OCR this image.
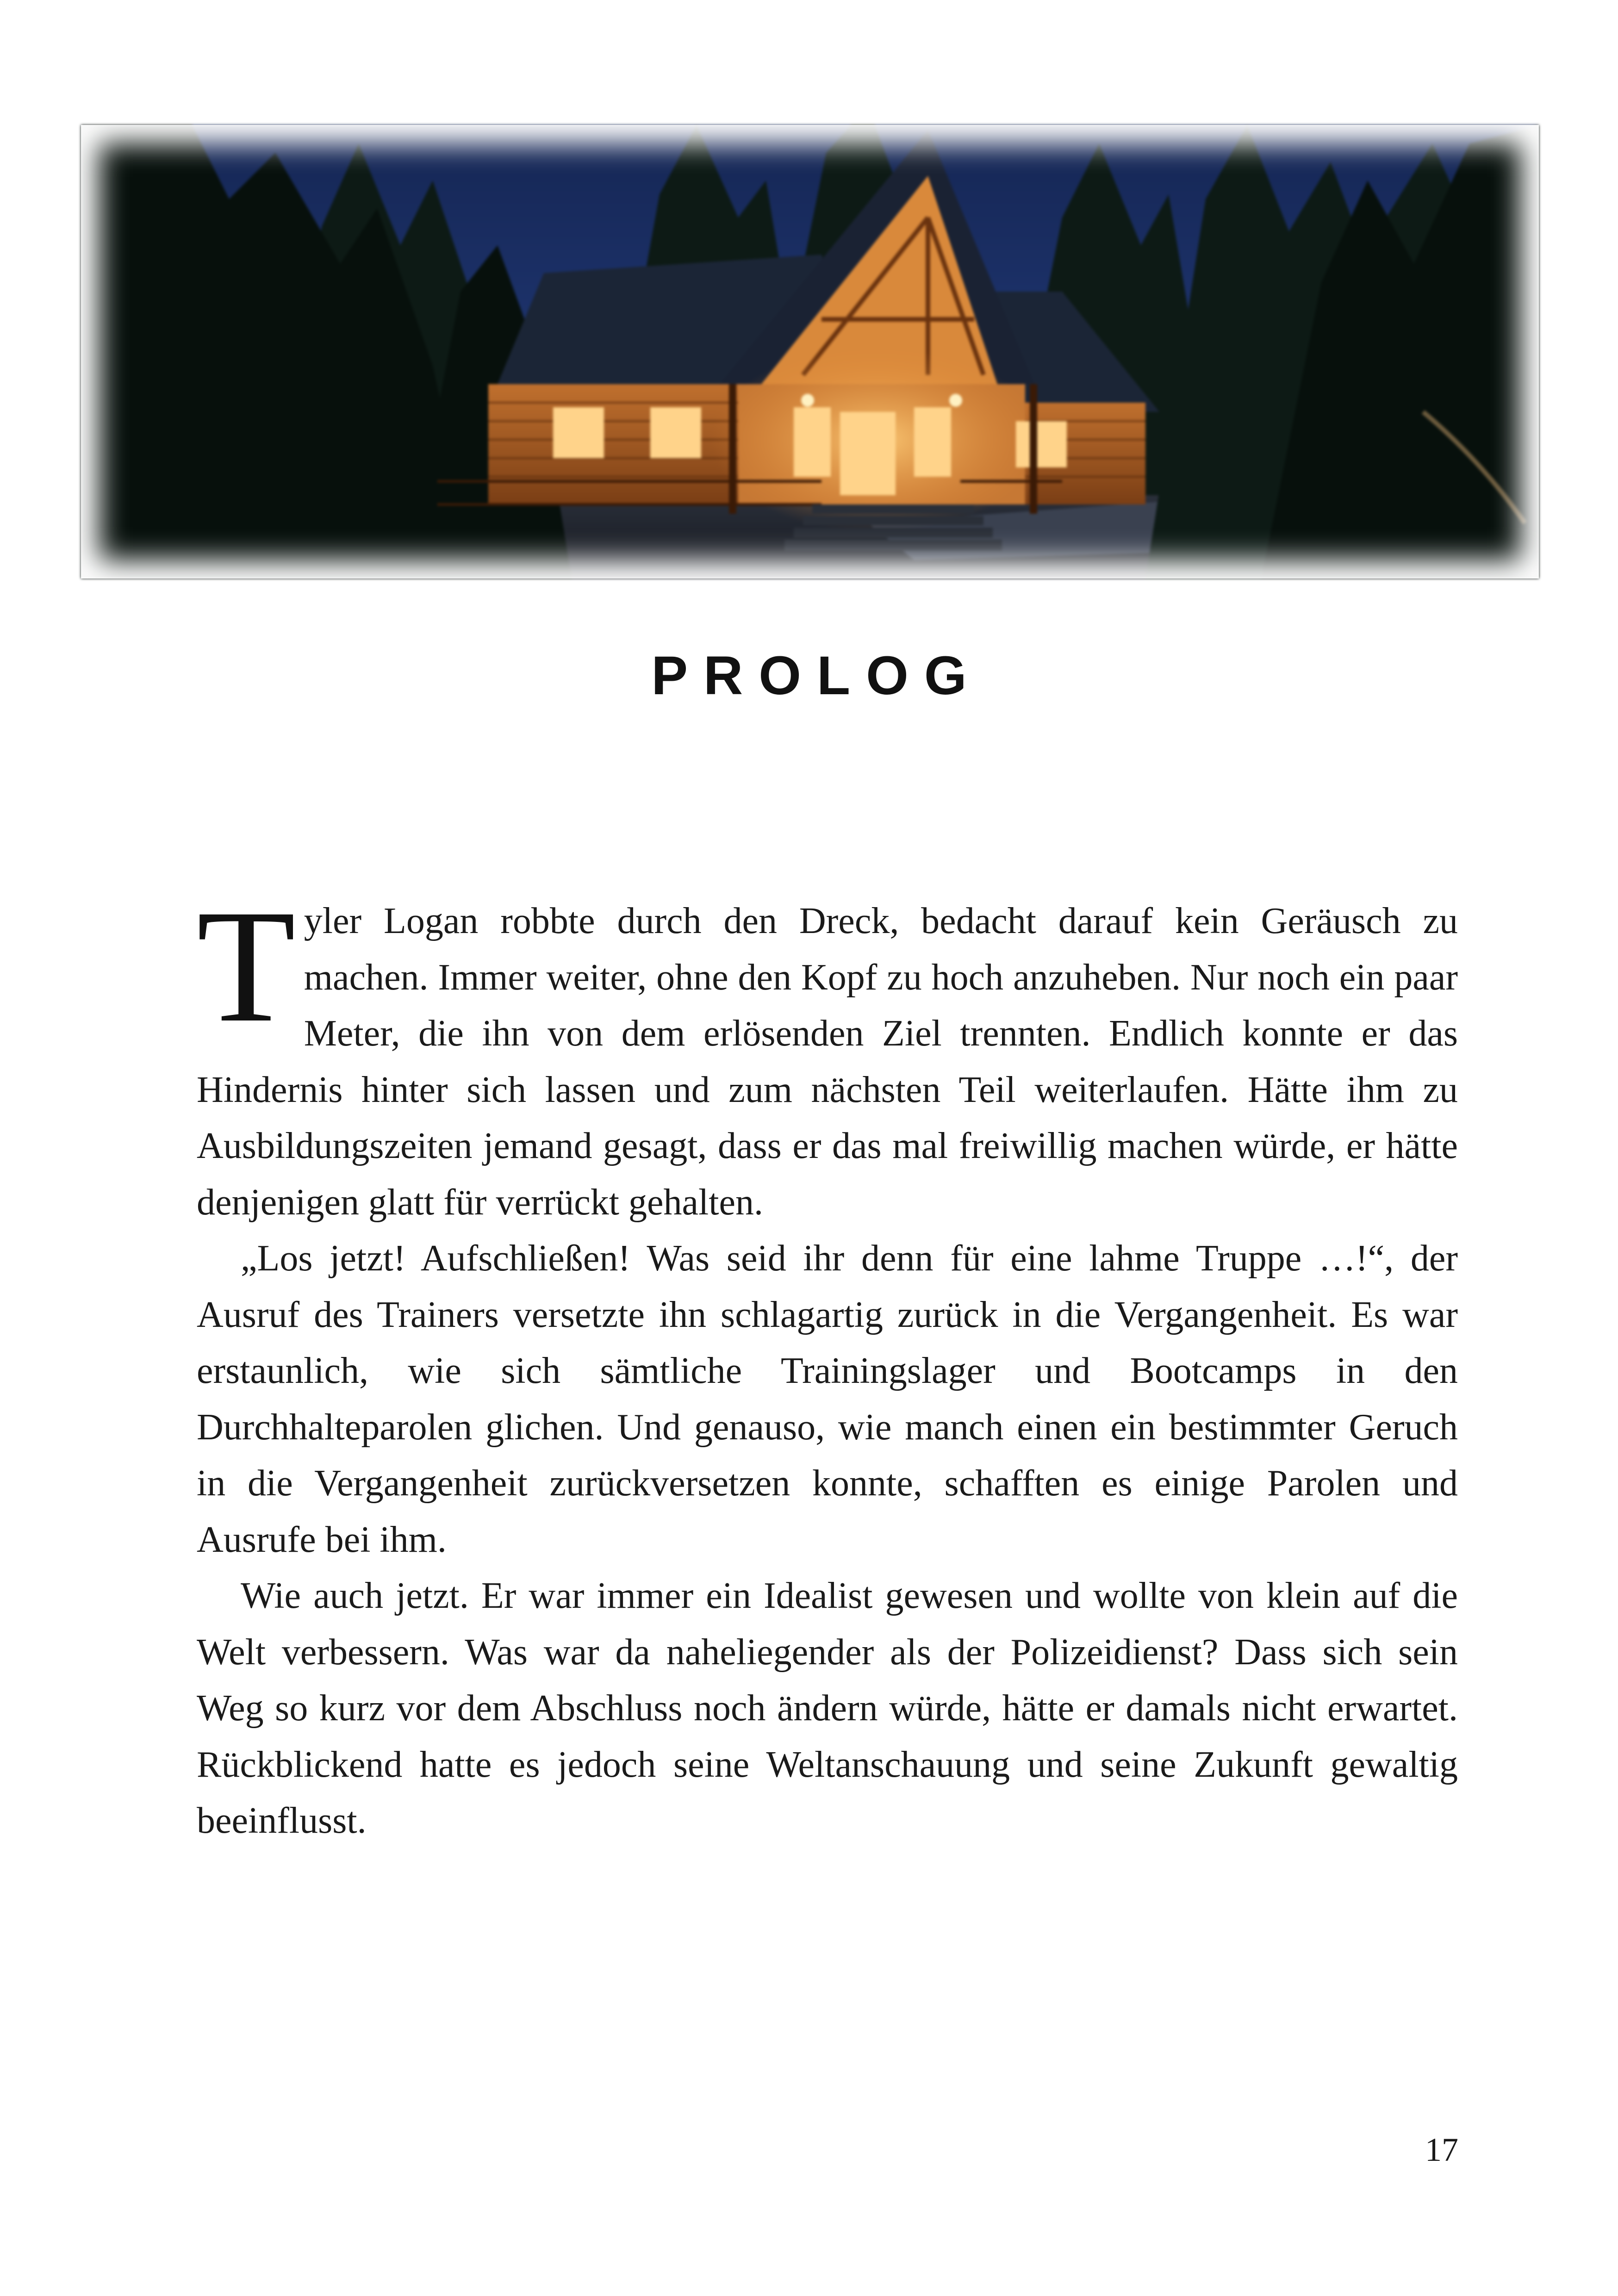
PROLOG
T yler Logan robbte durch den Dreck, bedacht darauf kein Geräusch zu machen. Immer weiter, ohne den Kopf zu hoch anzuheben. Nur noch ein paar Meter, die ihn von dem erlösenden Ziel trennten. Endlich konnte er das Hindernis hinter sich lassen und zum nächsten Teil weiterlaufen. Hätte ihm zu Ausbildungszeiten jemand gesagt, dass er das mal freiwillig machen würde, er hätte denjenigen glatt für verrückt gehalten.

„Los jetzt! Aufschließen! Was seid ihr denn für eine lahme Truppe …!“, der Ausruf des Trainers versetzte ihn schlagartig zurück in die Vergangenheit. Es war erstaunlich, wie sich sämtliche Trainingslager und Bootcamps in den Durchhalteparolen glichen. Und genauso, wie manch einen ein bestimmter Geruch in die Vergangenheit zurückversetzen konnte, schafften es einige Parolen und Ausrufe bei ihm.

Wie auch jetzt. Er war immer ein Idealist gewesen und wollte von klein auf die Welt verbessern. Was war da naheliegender als der Polizeidienst? Dass sich sein Weg so kurz vor dem Abschluss noch ändern würde, hätte er damals nicht erwartet. Rückblickend hatte es jedoch seine Weltanschauung und seine Zukunft gewaltig beeinflusst.

17
